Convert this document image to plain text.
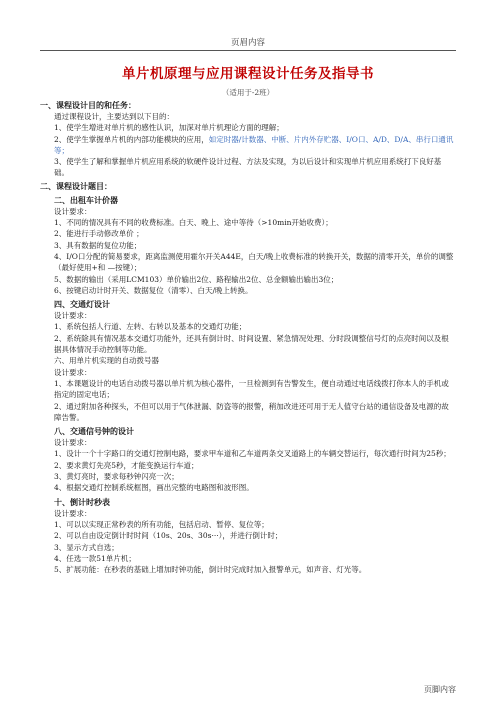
页眉内容
单片机原理与应用课程设计任务及指导书
（适用于-2班）
一、课程设计目的和任务：
通过课程设计，主要达到以下目的：
1、使学生增进对单片机的感性认识，加深对单片机理论方面的理解；
2、使学生掌握单片机的内部功能模块的应用，如定时器/计数器、中断、片内外存贮器、I/O口、A/D、D/A、串行口通讯等；
3、使学生了解和掌握单片机应用系统的软硬件设计过程、方法及实现，为以后设计和实现单片机应用系统打下良好基础。
二、课程设计题目：
二、出租车计价器
设计要求：
1、不同的情况具有不同的收费标准。白天、晚上、途中等待（>10min开始收费）；
2、能进行手动修改单价 ；
3、具有数据的复位功能；
4、I/O口分配的简易要求，距离监测使用霍尔开关A44E，白天/晚上收费标准的转换开关，数据的清零开关，单价的调整（最好使用+和 —按键）；
5、数据的输出（采用LCM103）单价输出2位、路程输出2位、总金额输出输出3位；
6、按键启动计时开关、数据复位（清零）、白天/晚上转换。
四、交通灯设计
设计要求：
1、系统包括人行道、左转、右转以及基本的交通灯功能；
2、系统除具有情况基本交通灯功能外，还具有倒计时、时间设置、紧急情况处理、分时段调整信号灯的点亮时间以及根据具体情况手动控制等功能。
六、用单片机实现的自动拨号器
设计要求：
1、本课题设计的电话自动拨号器以单片机为核心器件，一旦检测到有告警发生，便自动通过电话线拨打你本人的手机或指定的固定电话；
2、通过附加各种探头，不但可以用于气体泄漏、防盗等的报警，稍加改进还可用于无人值守台站的通信设备及电源的故障告警。
八、交通信号钟的设计
设计要求：
1、设计一个十字路口的交通灯控制电路，要求甲车道和乙车道两条交叉道路上的车辆交替运行，每次通行时间为25秒；
2、要求黄灯先亮5秒，才能变换运行车道；
3、黄灯亮时，要求每秒钟闪亮一次；
4、根据交通灯控制系统框图，画出完整的电路图和波形图。
十、倒计时秒表
设计要求：
1、可以以实现正常秒表的所有功能，包括启动、暂停、复位等；
2、可以自由设定倒计时时间（10s、20s、30s···），并进行倒计时；
3、显示方式自选；
4、任选一款51单片机；
5、扩展功能：在秒表的基础上增加时钟功能，倒计时完成时加入报警单元，如声音、灯光等。
页脚内容
